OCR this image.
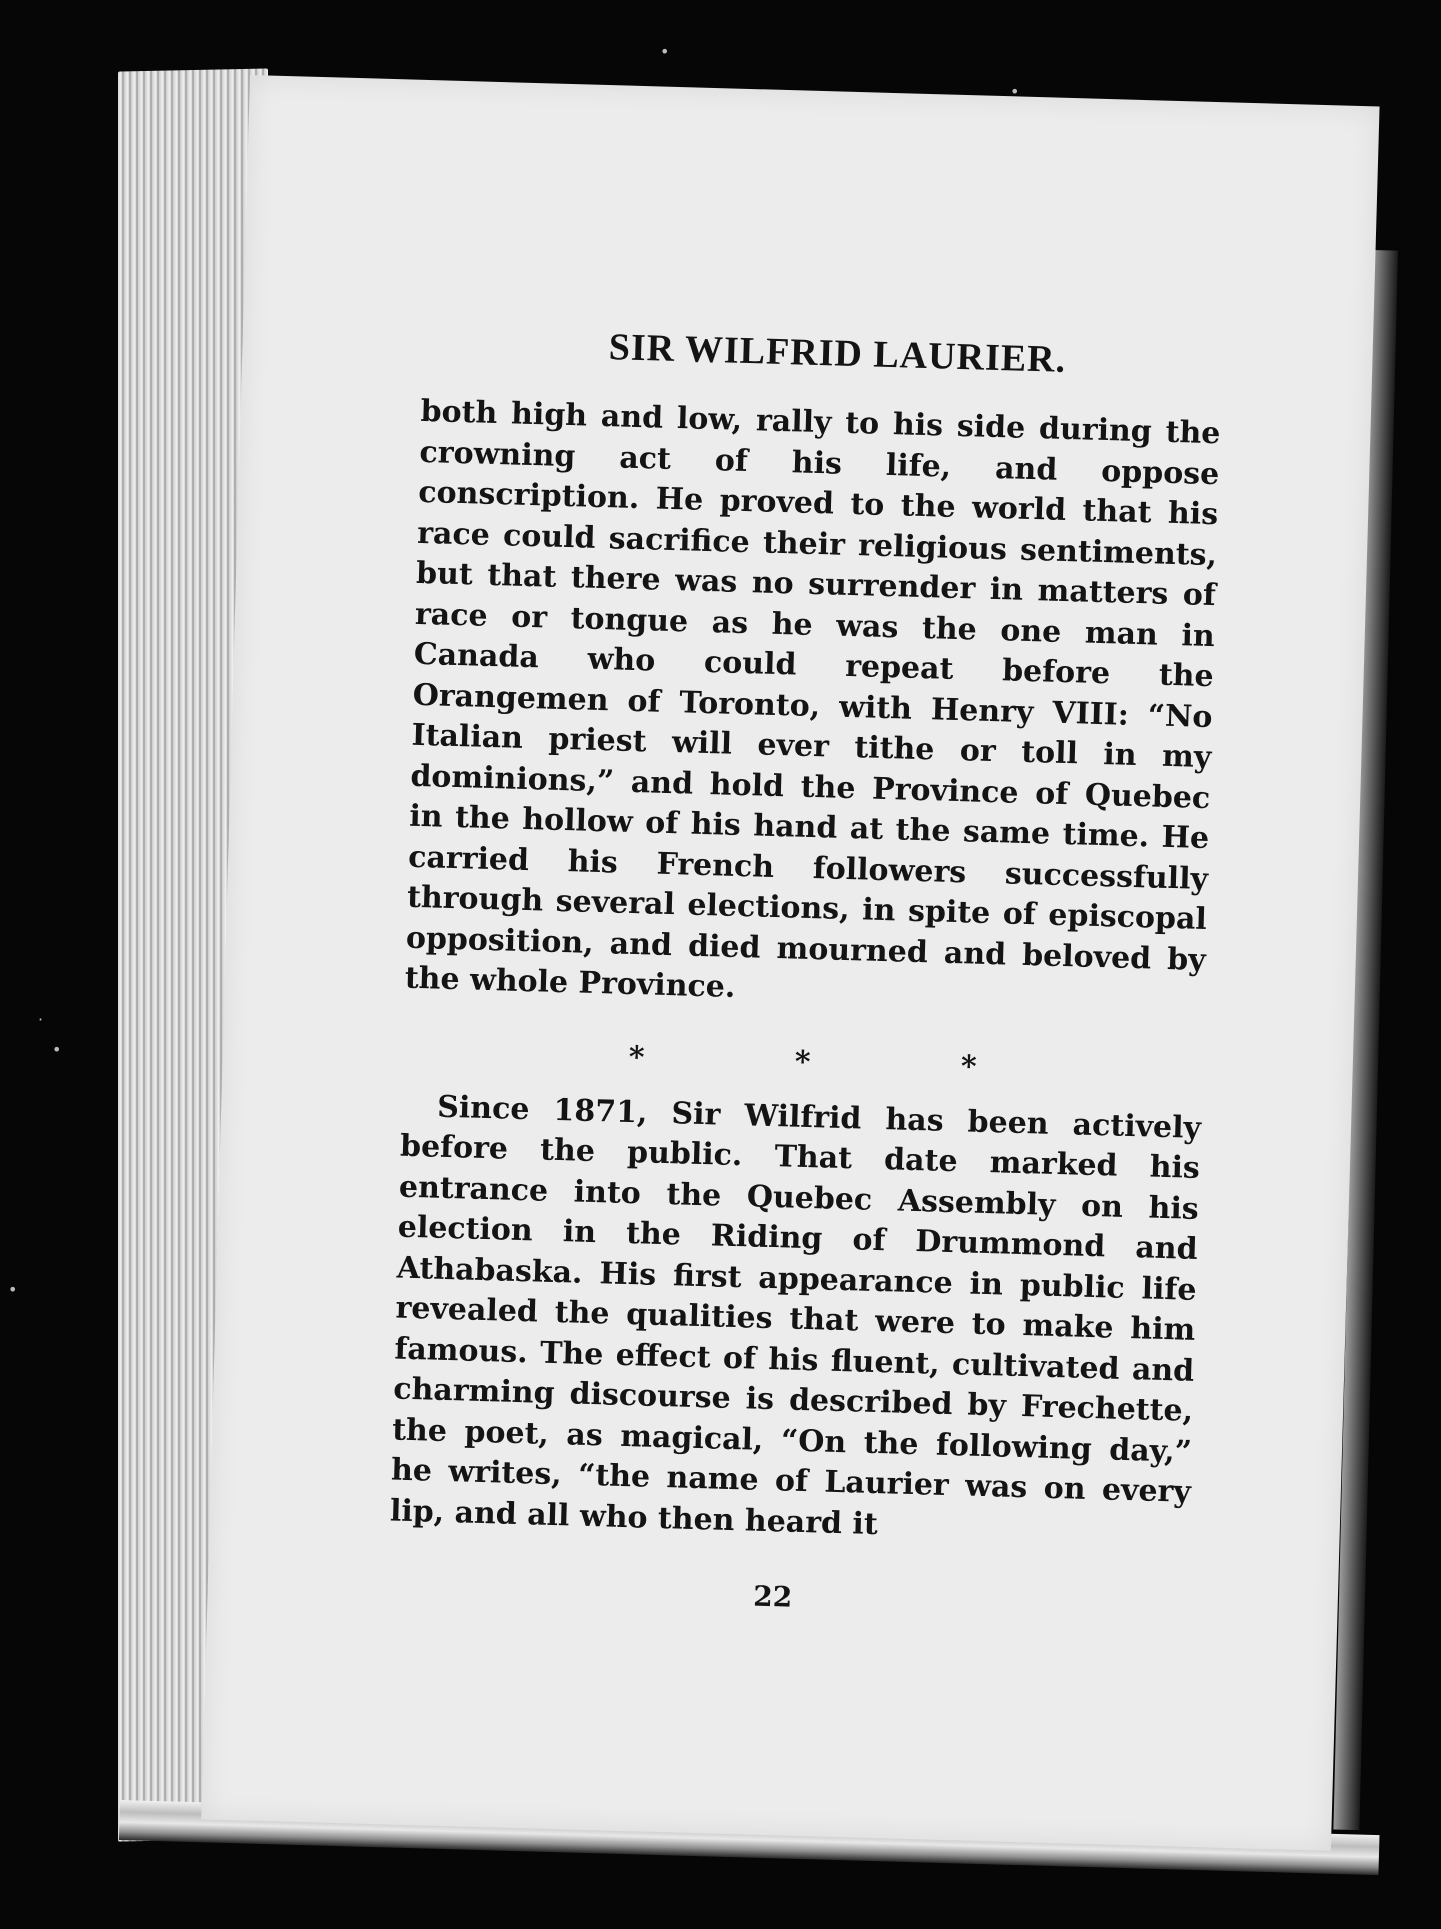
•
•
·
•
•
SIR WILFRID LAURIER.

both high and low, rally to his side during the crowning act of his life, and oppose conscription. He proved to the world that his race could sacrifice their religious sentiments, but that there was no surrender in matters of race or tongue as he was the one man in Canada who could repeat before the Orangemen of Toronto, with Henry VIII: “No Italian priest will ever tithe or toll in my dominions,” and hold the Province of Quebec in the hollow of his hand at the same time. He carried his French followers successfully through several elections, in spite of episcopal opposition, and died mourned and beloved by the whole Province.

* * *

Since 1871, Sir Wilfrid has been actively before the public. That date marked his entrance into the Quebec Assembly on his election in the Riding of Drummond and Athabaska. His first appearance in public life revealed the qualities that were to make him famous. The effect of his fluent, cultivated and charming discourse is described by Frechette, the poet, as magical, “On the following day,” he writes, “the name of Laurier was on every lip, and all who then heard it

22
